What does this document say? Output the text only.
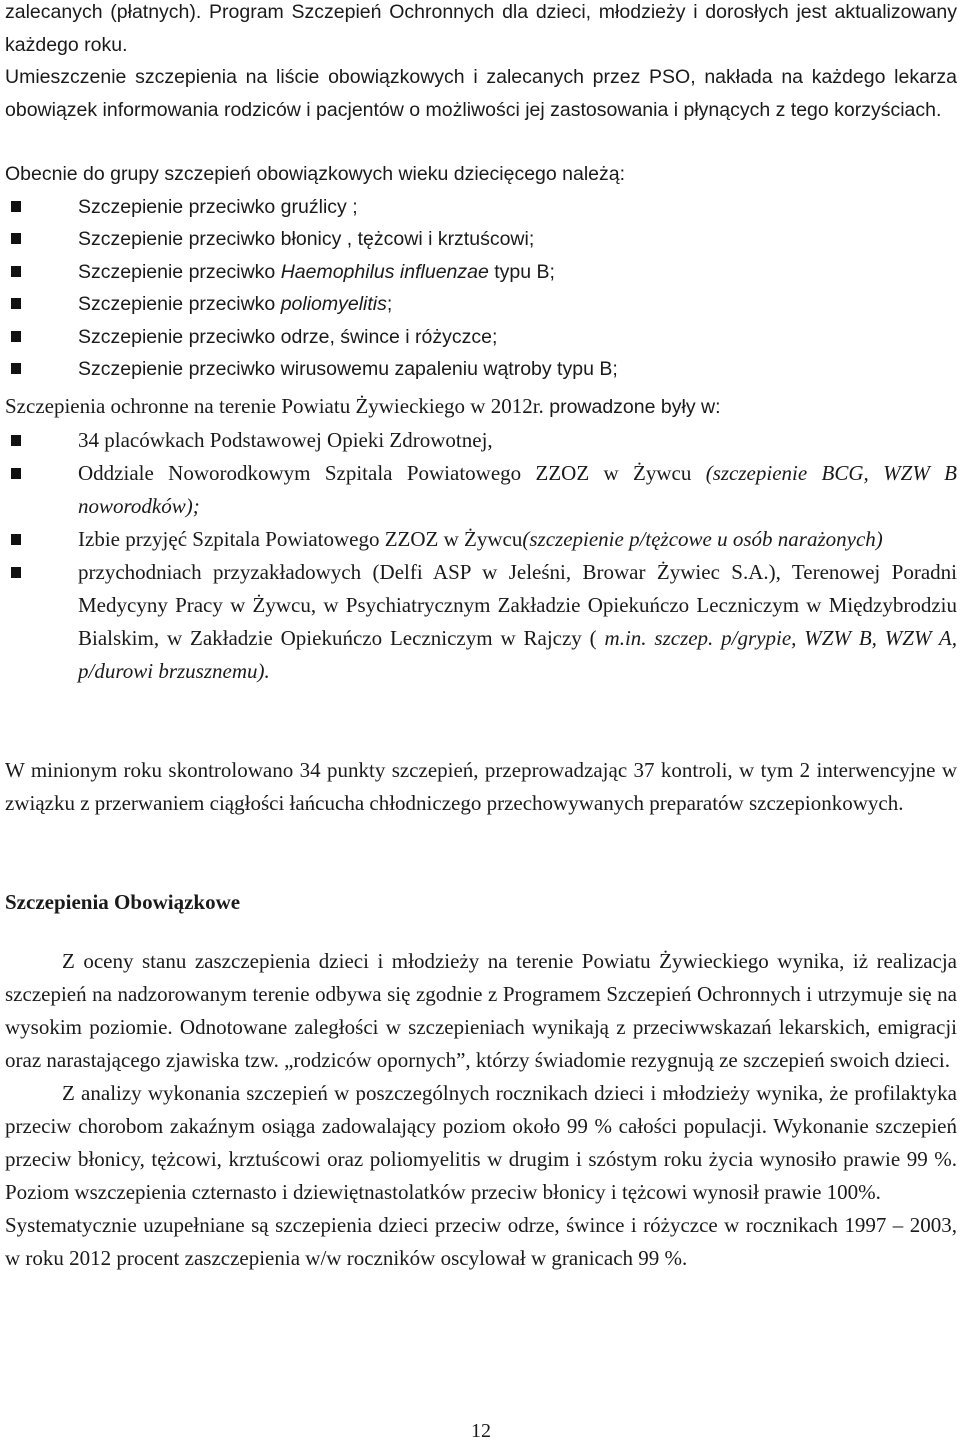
zalecanych (płatnych). Program Szczepień Ochronnych dla dzieci, młodzieży i dorosłych jest aktualizowany każdego roku.

Umieszczenie szczepienia na liście obowiązkowych i zalecanych przez PSO, nakłada na każdego lekarza obowiązek informowania rodziców i pacjentów o możliwości jej zastosowania i płynących z tego korzyściach.

Obecnie do grupy szczepień obowiązkowych wieku dziecięcego należą:

Szczepienie przeciwko gruźlicy ;
Szczepienie przeciwko błonicy , tężcowi i krztuścowi;
Szczepienie przeciwko Haemophilus influenzae typu B;
Szczepienie przeciwko poliomyelitis;
Szczepienie przeciwko odrze, śwince i różyczce;
Szczepienie przeciwko wirusowemu zapaleniu wątroby typu B;

Szczepienia ochronne na terenie Powiatu Żywieckiego w 2012r. prowadzone były w:

34 placówkach Podstawowej Opieki Zdrowotnej,
Oddziale Noworodkowym Szpitala Powiatowego ZZOZ w Żywcu (szczepienie BCG, WZW B noworodków);
Izbie przyjęć Szpitala Powiatowego ZZOZ w Żywcu(szczepienie p/tężcowe u osób narażonych)
przychodniach przyzakładowych (Delfi ASP w Jeleśni, Browar Żywiec S.A.), Terenowej Poradni Medycyny Pracy w Żywcu, w Psychiatrycznym Zakładzie Opiekuńczo Leczniczym w Międzybrodziu Bialskim, w Zakładzie Opiekuńczo Leczniczym w Rajczy ( m.in. szczep. p/grypie, WZW B, WZW A, p/durowi brzusznemu).

W minionym roku skontrolowano 34 punkty szczepień, przeprowadzając 37 kontroli, w tym 2 interwencyjne w związku z przerwaniem ciągłości łańcucha chłodniczego przechowywanych preparatów szczepionkowych.

Szczepienia Obowiązkowe

Z oceny stanu zaszczepienia dzieci i młodzieży na terenie Powiatu Żywieckiego wynika, iż realizacja szczepień na nadzorowanym terenie odbywa się zgodnie z Programem Szczepień Ochronnych i utrzymuje się na wysokim poziomie. Odnotowane zaległości w szczepieniach wynikają z przeciwwskazań lekarskich, emigracji oraz narastającego zjawiska tzw. „rodziców opornych”, którzy świadomie rezygnują ze szczepień swoich dzieci.

Z analizy wykonania szczepień w poszczególnych rocznikach dzieci i młodzieży wynika, że profilaktyka przeciw chorobom zakaźnym osiąga zadowalający poziom około 99 % całości populacji. Wykonanie szczepień przeciw błonicy, tężcowi, krztuścowi oraz poliomyelitis w drugim i szóstym roku życia wynosiło prawie 99 %. Poziom wszczepienia czternasto i dziewiętnastolatków przeciw błonicy i tężcowi wynosił prawie 100%.

Systematycznie uzupełniane są szczepienia dzieci przeciw odrze, śwince i różyczce w rocznikach 1997 – 2003, w roku 2012 procent zaszczepienia w/w roczników oscylował w granicach 99 %.

12
